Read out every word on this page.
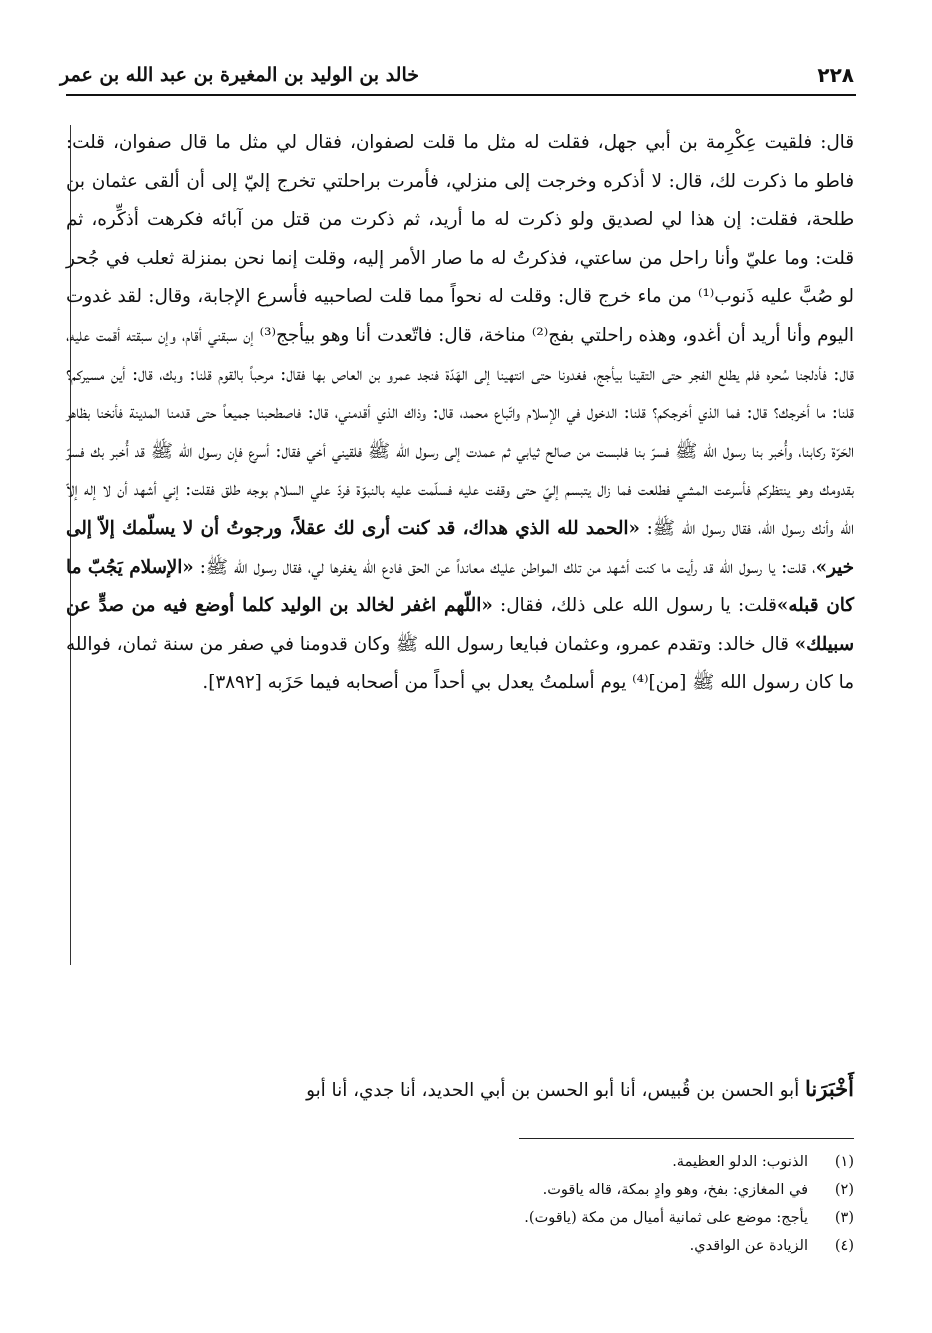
٢٢٨
خالد بن الوليد بن المغيرة بن عبد الله بن عمر

قال: فلقيت عِكْرِمة بن أبي جهل، فقلت له مثل ما قلت لصفوان، فقال لي مثل ما قال صفوان، قلت: فاطو ما ذكرت لك، قال: لا أذكره وخرجت إلى منزلي، فأمرت براحلتي تخرج إليّ إلى أن ألقى عثمان بن طلحة، فقلت: إن هذا لي لصديق ولو ذكرت له ما أريد، ثم ذكرت من قتل من آبائه فكرهت أذكِّره، ثم قلت: وما عليّ وأنا راحل من ساعتي، فذكرتُ له ما صار الأمر إليه، وقلت إنما نحن بمنزلة ثعلب في جُحر لو صُبَّ عليه ذَنوب⁽¹⁾ من ماء خرج قال: وقلت له نحواً مما قلت لصاحبيه فأسرع الإجابة، وقال: لقد غدوت اليوم وأنا أريد أن أغدو، وهذه راحلتي بفج⁽²⁾ مناخة، قال: فاتّعدت أنا وهو بيأجج⁽³⁾ إن سبقني أقام، وإن سبقته أقمت عليه، قال: فأدلجنا سُحره فلم يطلع الفجر حتى التقينا بيأجج، فغدونا حتى انتهينا إلى الهَدّة فنجد عمرو بن العاص بها فقال: مرحباً بالقوم قلنا: وبك، قال: أين مسيركم؟ قلنا: ما أخرجك؟ قال: فما الذي أخرجكم؟ قلنا: الدخول في الإسلام واتّباع محمد، قال: وذاك الذي أقدمني، قال: فاصطحبنا جميعاً حتى قدمنا المدينة فأنخنا بظاهر الحَرّة ركابنا، وأُخبر بنا رسول الله ﷺ فسرّ بنا فلبست من صالح ثيابي ثم عمدت إلى رسول الله ﷺ فلقيني أخي فقال: أسرع فإن رسول الله ﷺ قد أُخبر بك فسرّ بقدومك وهو ينتظركم فأسرعت المشي فطلعت فما زال يتبسم إليّ حتى وقفت عليه فسلّمت عليه بالنبوّة فردّ علي السلام بوجه طلق فقلت: إني أشهد أن لا إله إلاّ الله وأنك رسول الله، فقال رسول الله ﷺ: «الحمد لله الذي هداك، قد كنت أرى لك عقلاً، ورجوتُ أن لا يسلّمك إلاّ إلى خير»، قلت: يا رسول الله قد رأيت ما كنت أشهد من تلك المواطن عليك معانداً عن الحق فادع الله يغفرها لي، فقال رسول الله ﷺ: «الإسلام يَجُبّ ما كان قبله»قلت: يا رسول الله على ذلك، فقال: «اللّهم اغفر لخالد بن الوليد كلما أوضع فيه من صدٍّ عن سبيلك» قال خالد: وتقدم عمرو، وعثمان فبايعا رسول الله ﷺ وكان قدومنا في صفر من سنة ثمان، فوالله ما كان رسول الله ﷺ [من]⁽⁴⁾ يوم أسلمتُ يعدل بي أحداً من أصحابه فيما حَزَبه [٣٨٩٢].

أَخْبَرَنا أبو الحسن بن قُبيس، أنا أبو الحسن بن أبي الحديد، أنا جدي، أنا أبو
(١)
الذنوب: الدلو العظيمة.
(٢)
في المغازي: بفخ، وهو وادٍ بمكة، قاله ياقوت.
(٣)
يأجج: موضع على ثمانية أميال من مكة (ياقوت).
(٤)
الزيادة عن الواقدي.
